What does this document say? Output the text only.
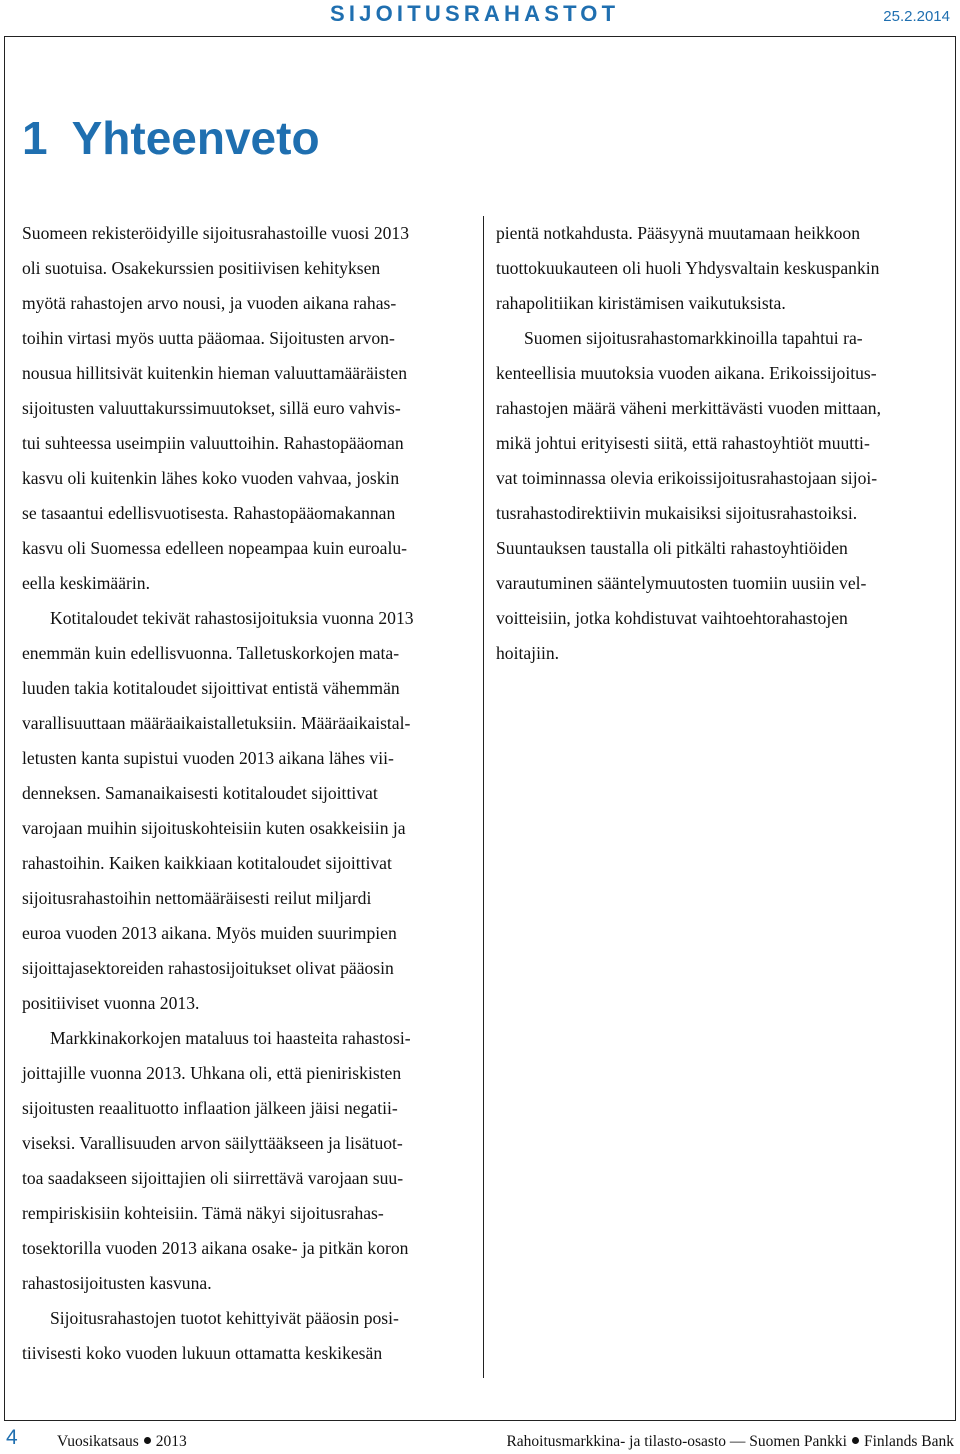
SIJOITUSRAHASTOT	25.2.2014
1 Yhteenveto

Suomeen rekisteröidyille sijoitusrahastoille vuosi 2013
oli suotuisa. Osakekurssien positiivisen kehityksen
myötä rahastojen arvo nousi, ja vuoden aikana rahas-
toihin virtasi myös uutta pääomaa. Sijoitusten arvon-
nousua hillitsivät kuitenkin hieman valuuttamääräisten
sijoitusten valuuttakurssimuutokset, sillä euro vahvis-
tui suhteessa useimpiin valuuttoihin. Rahastopääoman
kasvu oli kuitenkin lähes koko vuoden vahvaa, joskin
se tasaantui edellisvuotisesta. Rahastopääomakannan
kasvu oli Suomessa edelleen nopeampaa kuin euroalu-
eella keskimäärin.

Kotitaloudet tekivät rahastosijoituksia vuonna 2013
enemmän kuin edellisvuonna. Talletuskorkojen mata-
luuden takia kotitaloudet sijoittivat entistä vähemmän
varallisuuttaan määräaikaistalletuksiin. Määräaikaistal-
letusten kanta supistui vuoden 2013 aikana lähes vii-
denneksen. Samanaikaisesti kotitaloudet sijoittivat
varojaan muihin sijoituskohteisiin kuten osakkeisiin ja
rahastoihin. Kaiken kaikkiaan kotitaloudet sijoittivat
sijoitusrahastoihin nettomääräisesti reilut miljardi
euroa vuoden 2013 aikana. Myös muiden suurimpien
sijoittajasektoreiden rahastosijoitukset olivat pääosin
positiiviset vuonna 2013.

Markkinakorkojen mataluus toi haasteita rahastosi-
joittajille vuonna 2013. Uhkana oli, että pieniriskisten
sijoitusten reaalituotto inflaation jälkeen jäisi negatii-
viseksi. Varallisuuden arvon säilyttääkseen ja lisätuot-
toa saadakseen sijoittajien oli siirrettävä varojaan suu-
rempiriskisiin kohteisiin. Tämä näkyi sijoitusrahas-
tosektorilla vuoden 2013 aikana osake- ja pitkän koron
rahastosijoitusten kasvuna.

Sijoitusrahastojen tuotot kehittyivät pääosin posi-
tiivisesti koko vuoden lukuun ottamatta keskikesän

pientä notkahdusta. Pääsyynä muutamaan heikkoon
tuottokuukauteen oli huoli Yhdysvaltain keskuspankin
rahapolitiikan kiristämisen vaikutuksista.

Suomen sijoitusrahastomarkkinoilla tapahtui ra-
kenteellisia muutoksia vuoden aikana. Erikoissijoitus-
rahastojen määrä väheni merkittävästi vuoden mittaan,
mikä johtui erityisesti siitä, että rahastoyhtiöt muutti-
vat toiminnassa olevia erikoissijoitusrahastojaan sijoi-
tusrahastodirektiivin mukaisiksi sijoitusrahastoiksi.
Suuntauksen taustalla oli pitkälti rahastoyhtiöiden
varautuminen sääntelymuutosten tuomiin uusiin vel-
voitteisiin, jotka kohdistuvat vaihtoehtorahastojen
hoitajiin.

4	Vuosikatsaus 2013	Rahoitusmarkkina- ja tilasto-osasto — Suomen Pankki Finlands Bank
